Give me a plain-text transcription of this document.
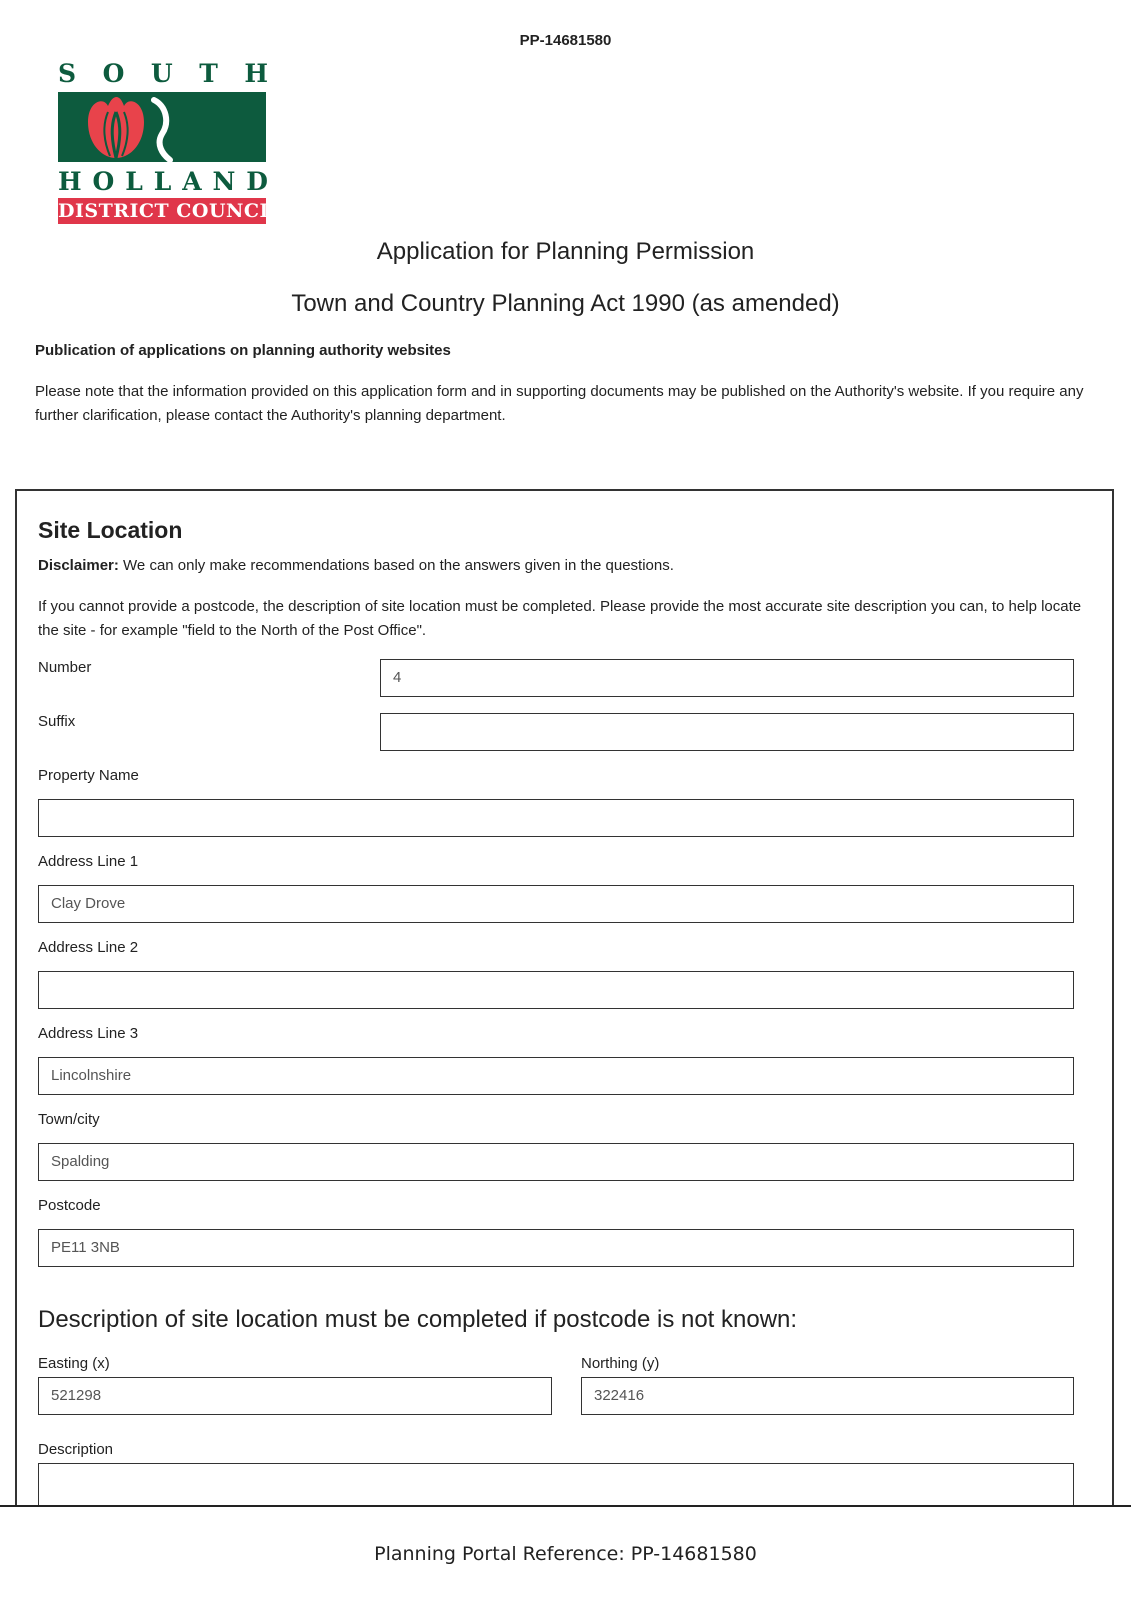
PP-14681580
S O U T H
H O L L A N D
DISTRICT COUNCIL
Application for Planning Permission
Town and Country Planning Act 1990 (as amended)
Publication of applications on planning authority websites
Please note that the information provided on this application form and in supporting documents may be published on the Authority's website. If you require any further clarification, please contact the Authority's planning department.
Site Location
Disclaimer: We can only make recommendations based on the answers given in the questions.
If you cannot provide a postcode, the description of site location must be completed. Please provide the most accurate site description you can, to help locate the site - for example "field to the North of the Post Office".
Number
4
Suffix
Property Name
Address Line 1
Clay Drove
Address Line 2
Address Line 3
Lincolnshire
Town/city
Spalding
Postcode
PE11 3NB
Description of site location must be completed if postcode is not known:
Easting (x)
521298
Northing (y)
322416
Description
Planning Portal Reference: PP-14681580
